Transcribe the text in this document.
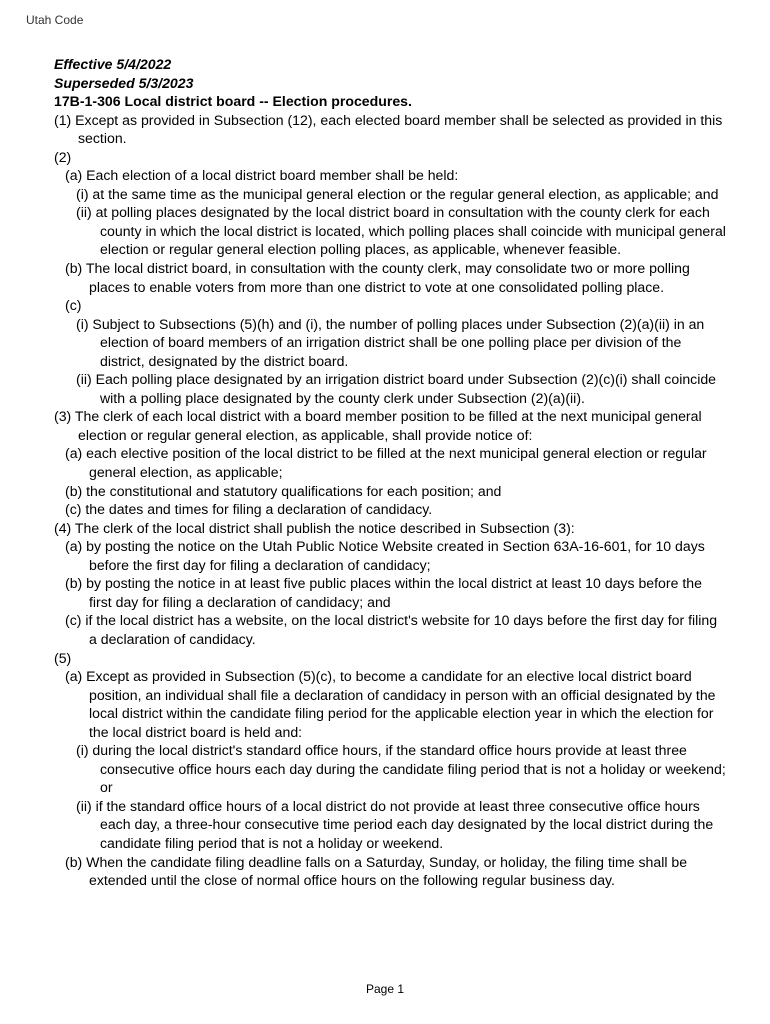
Utah Code
Effective 5/4/2022
Superseded 5/3/2023
17B-1-306 Local district board -- Election procedures.

(1) Except as provided in Subsection (12), each elected board member shall be selected as provided in this section.

(2)

(a) Each election of a local district board member shall be held:

(i) at the same time as the municipal general election or the regular general election, as applicable; and

(ii) at polling places designated by the local district board in consultation with the county clerk for each county in which the local district is located, which polling places shall coincide with municipal general election or regular general election polling places, as applicable, whenever feasible.

(b) The local district board, in consultation with the county clerk, may consolidate two or more polling places to enable voters from more than one district to vote at one consolidated polling place.

(c)

(i) Subject to Subsections (5)(h) and (i), the number of polling places under Subsection (2)(a)(ii) in an election of board members of an irrigation district shall be one polling place per division of the district, designated by the district board.

(ii) Each polling place designated by an irrigation district board under Subsection (2)(c)(i) shall coincide with a polling place designated by the county clerk under Subsection (2)(a)(ii).

(3) The clerk of each local district with a board member position to be filled at the next municipal general election or regular general election, as applicable, shall provide notice of:

(a) each elective position of the local district to be filled at the next municipal general election or regular general election, as applicable;

(b) the constitutional and statutory qualifications for each position; and

(c) the dates and times for filing a declaration of candidacy.

(4) The clerk of the local district shall publish the notice described in Subsection (3):

(a) by posting the notice on the Utah Public Notice Website created in Section 63A-16-601, for 10 days before the first day for filing a declaration of candidacy;

(b) by posting the notice in at least five public places within the local district at least 10 days before the first day for filing a declaration of candidacy; and

(c) if the local district has a website, on the local district's website for 10 days before the first day for filing a declaration of candidacy.

(5)

(a) Except as provided in Subsection (5)(c), to become a candidate for an elective local district board position, an individual shall file a declaration of candidacy in person with an official designated by the local district within the candidate filing period for the applicable election year in which the election for the local district board is held and:

(i) during the local district's standard office hours, if the standard office hours provide at least three consecutive office hours each day during the candidate filing period that is not a holiday or weekend; or

(ii) if the standard office hours of a local district do not provide at least three consecutive office hours each day, a three-hour consecutive time period each day designated by the local district during the candidate filing period that is not a holiday or weekend.

(b) When the candidate filing deadline falls on a Saturday, Sunday, or holiday, the filing time shall be extended until the close of normal office hours on the following regular business day.

Page 1
